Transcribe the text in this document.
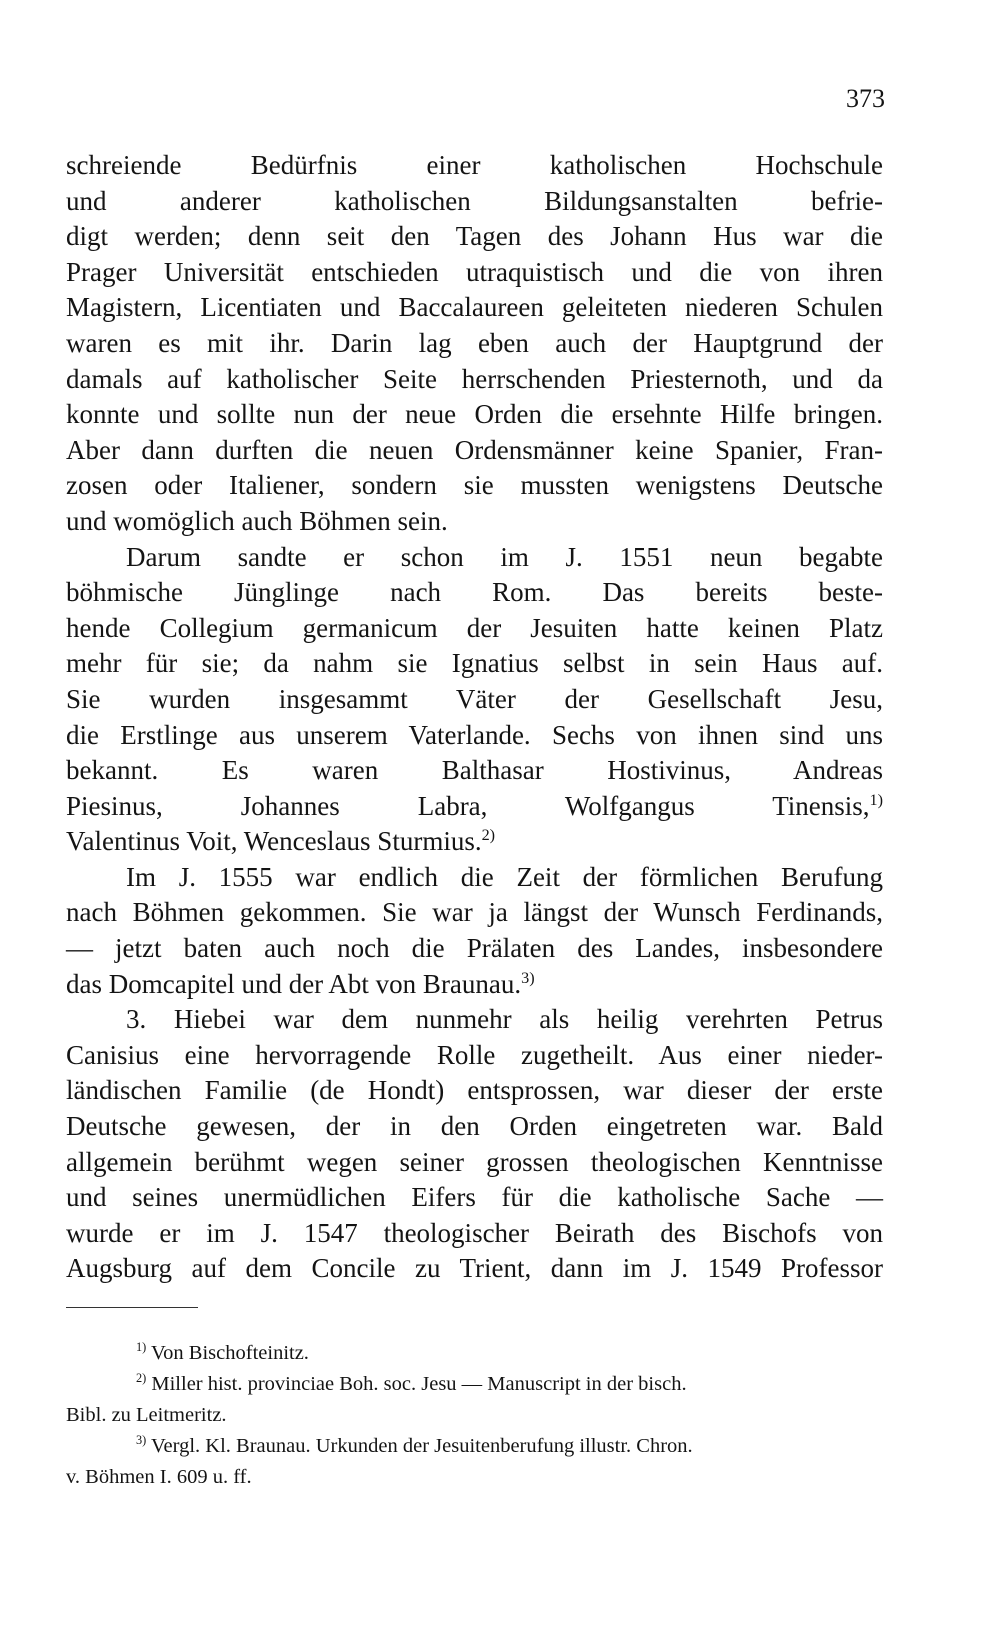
373
schreiende Bedürfnis einer katholischen Hochschule
und anderer katholischen Bildungsanstalten befrie-
digt werden; denn seit den Tagen des Johann Hus war die
Prager Universität entschieden utraquistisch und die von ihren
Magistern, Licentiaten und Baccalaureen geleiteten niederen Schulen
waren es mit ihr. Darin lag eben auch der Hauptgrund der
damals auf katholischer Seite herrschenden Priesternoth, und da
konnte und sollte nun der neue Orden die ersehnte Hilfe bringen.
Aber dann durften die neuen Ordensmänner keine Spanier, Fran-
zosen oder Italiener, sondern sie mussten wenigstens Deutsche
und womöglich auch Böhmen sein.
Darum sandte er schon im J. 1551 neun begabte
böhmische Jünglinge nach Rom. Das bereits beste-
hende Collegium germanicum der Jesuiten hatte keinen Platz
mehr für sie; da nahm sie Ignatius selbst in sein Haus auf.
Sie wurden insgesammt Väter der Gesellschaft Jesu,
die Erstlinge aus unserem Vaterlande. Sechs von ihnen sind uns
bekannt. Es waren Balthasar Hostivinus, Andreas
Piesinus, Johannes Labra, Wolfgangus Tinensis,$^{1)}$
Valentinus Voit, Wenceslaus Sturmius.$^{2)}$
Im J. 1555 war endlich die Zeit der förmlichen Berufung
nach Böhmen gekommen. Sie war ja längst der Wunsch Ferdinands,
— jetzt baten auch noch die Prälaten des Landes, insbesondere
das Domcapitel und der Abt von Braunau.$^{3)}$
3. Hiebei war dem nunmehr als heilig verehrten Petrus
Canisius eine hervorragende Rolle zugetheilt. Aus einer nieder-
ländischen Familie (de Hondt) entsprossen, war dieser der erste
Deutsche gewesen, der in den Orden eingetreten war. Bald
allgemein berühmt wegen seiner grossen theologischen Kenntnisse
und seines unermüdlichen Eifers für die katholische Sache —
wurde er im J. 1547 theologischer Beirath des Bischofs von
Augsburg auf dem Concile zu Trient, dann im J. 1549 Professor
$^{1)}$ Von Bischofteinitz.
$^{2)}$ Miller hist. provinciae Boh. soc. Jesu — Manuscript in der bisch.
Bibl. zu Leitmeritz.
$^{3)}$ Vergl. Kl. Braunau. Urkunden der Jesuitenberufung illustr. Chron.
v. Böhmen I. 609 u. ff.
